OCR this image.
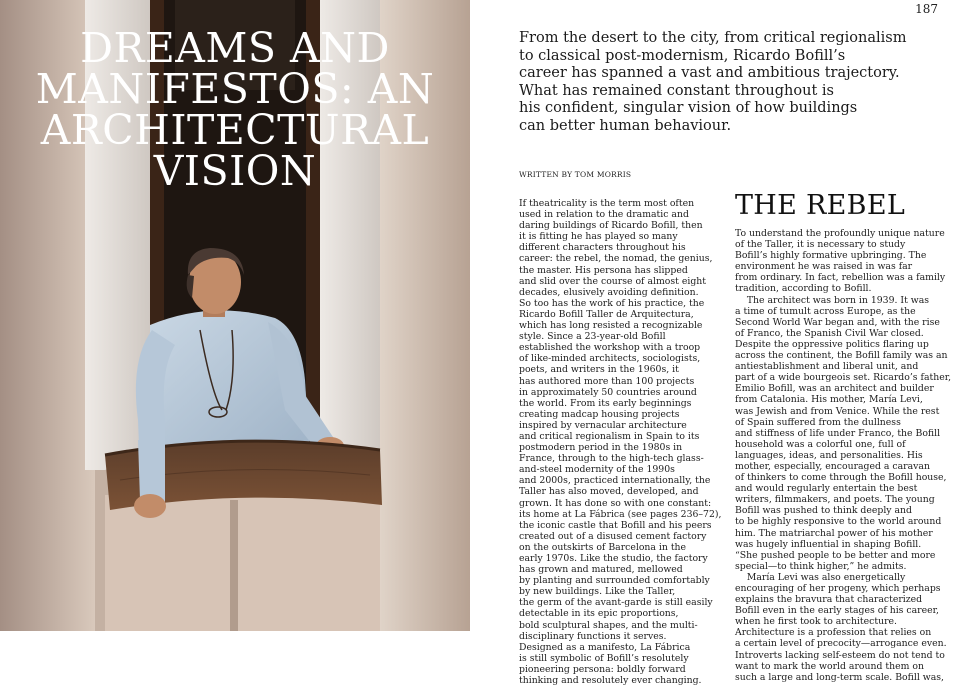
DREAMS AND
MANIFESTOS: AN
ARCHITECTURAL
VISION
187

From the desert to the city, from critical regionalism
to classical post-modernism, Ricardo Bofill’s
career has spanned a vast and ambitious trajectory.
What has remained constant throughout is
his confident, singular vision of how buildings
can better human behaviour.

WRITTEN BY TOM MORRIS
If theatricality is the term most often
used in relation to the dramatic and
daring buildings of Ricardo Bofill, then
it is fitting he has played so many
different characters throughout his
career: the rebel, the nomad, the genius,
the master. His persona has slipped
and slid over the course of almost eight
decades, elusively avoiding definition.
So too has the work of his practice, the
Ricardo Bofill Taller de Arquitectura,
which has long resisted a recognizable
style. Since a 23-year-old Bofill
established the workshop with a troop
of like-minded architects, sociologists,
poets, and writers in the 1960s, it
has authored more than 100 projects
in approximately 50 countries around
the world. From its early beginnings
creating madcap housing projects
inspired by vernacular architecture
and critical regionalism in Spain to its
postmodern period in the 1980s in
France, through to the high-tech glass-
and-steel modernity of the 1990s
and 2000s, practiced internationally, the
Taller has also moved, developed, and
grown. It has done so with one constant:
its home at La Fábrica (see pages 236–72),
the iconic castle that Bofill and his peers
created out of a disused cement factory
on the outskirts of Barcelona in the
early 1970s. Like the studio, the factory
has grown and matured, mellowed
by planting and surrounded comfortably
by new buildings. Like the Taller,
the germ of the avant-garde is still easily
detectable in its epic proportions,
bold sculptural shapes, and the multi-
disciplinary functions it serves.
Designed as a manifesto, La Fábrica
is still symbolic of Bofill’s resolutely
pioneering persona: boldly forward
thinking and resolutely ever changing.
THE REBEL
To understand the profoundly unique nature
of the Taller, it is necessary to study
Bofill’s highly formative upbringing. The
environment he was raised in was far
from ordinary. In fact, rebellion was a family
tradition, according to Bofill.
The architect was born in 1939. It was
a time of tumult across Europe, as the
Second World War began and, with the rise
of Franco, the Spanish Civil War closed.
Despite the oppressive politics flaring up
across the continent, the Bofill family was an
antiestablishment and liberal unit, and
part of a wide bourgeois set. Ricardo’s father,
Emilio Bofill, was an architect and builder
from Catalonia. His mother, María Levi,
was Jewish and from Venice. While the rest
of Spain suffered from the dullness
and stiffness of life under Franco, the Bofill
household was a colorful one, full of
languages, ideas, and personalities. His
mother, especially, encouraged a caravan
of thinkers to come through the Bofill house,
and would regularly entertain the best
writers, filmmakers, and poets. The young
Bofill was pushed to think deeply and
to be highly responsive to the world around
him. The matriarchal power of his mother
was hugely influential in shaping Bofill.
“She pushed people to be better and more
special—to think higher,” he admits.
María Levi was also energetically
encouraging of her progeny, which perhaps
explains the bravura that characterized
Bofill even in the early stages of his career,
when he first took to architecture.
Architecture is a profession that relies on
a certain level of precocity—arrogance even.
Introverts lacking self-esteem do not tend to
want to mark the world around them on
such a large and long-term scale. Bofill was,
